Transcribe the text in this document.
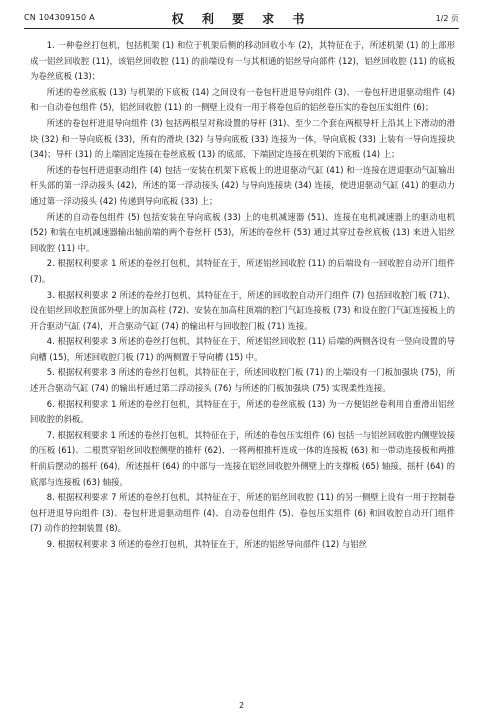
CN 104309150 A	权 利 要 求 书	1/2 页

1. 一种卷丝打包机，包括机架 (1) 和位于机架后侧的移动回收小车 (2)，其特征在于，所述机架 (1) 的上部形成一铝丝回收腔 (11)，该铝丝回收腔 (11) 的前端设有一与其相通的铝丝导向部件 (12)，铝丝回收腔 (11) 的底板为卷丝底板 (13)；

所述的卷丝底板 (13) 与机架的下底板 (14) 之间设有一卷包杆进退导向组件 (3)、一卷包杆进退驱动组件 (4) 和一自动卷包组件 (5)，铝丝回收腔 (11) 的一侧壁上设有一用于将卷包后的铝丝卷压实的卷包压实组件 (6)；

所述的卷包杆进退导向组件 (3) 包括两根呈对称设置的导杆 (31)、至少二个套在两根导杆上沿其上下滑动的滑块 (32) 和一导向底板 (33)，所有的滑块 (32) 与导向底板 (33) 连接为一体，导向底板 (33) 上装有一导向连接块 (34)；导杆 (31) 的上端固定连接在卷丝底板 (13) 的底部，下端固定连接在机架的下底板 (14) 上；

所述的卷包杆进退驱动组件 (4) 包括一安装在机架下底板上的进退驱动气缸 (41) 和一连接在进退驱动气缸输出杆头部的第一浮动接头 (42)，所述的第一浮动接头 (42) 与导向连接块 (34) 连接，使进退驱动气缸 (41) 的驱动力通过第一浮动接头 (42) 传递到导向底板 (33) 上；

所述的自动卷包组件 (5) 包括安装在导向底板 (33) 上的电机减速器 (51)、连接在电机减速器上的驱动电机 (52) 和装在电机减速器输出轴前端的两个卷丝杆 (53)，所述的卷丝杆 (53) 通过其穿过卷丝底板 (13) 来进入铝丝回收腔 (11) 中。

2. 根据权利要求 1 所述的卷丝打包机，其特征在于，所述铝丝回收腔 (11) 的后端设有一回收腔自动开门组件 (7)。

3. 根据权利要求 2 所述的卷丝打包机，其特征在于，所述的回收腔自动开门组件 (7) 包括回收腔门板 (71)、设在铝丝回收腔顶部外壁上的加高柱 (72)、安装在加高柱顶端的腔门气缸连接板 (73) 和设在腔门气缸连接板上的开合驱动气缸 (74)，开合驱动气缸 (74) 的输出杆与回收腔门板 (71) 连接。

4. 根据权利要求 3 所述的卷丝打包机，其特征在于，所述铝丝回收腔 (11) 后端的两侧各设有一竖向设置的导向槽 (15)，所述回收腔门板 (71) 的两侧置于导向槽 (15) 中。

5. 根据权利要求 3 所述的卷丝打包机，其特征在于，所述回收腔门板 (71) 的上端设有一门板加强块 (75)，所述开合驱动气缸 (74) 的输出杆通过第二浮动接头 (76) 与所述的门板加强块 (75) 实现柔性连接。

6. 根据权利要求 1 所述的卷丝打包机，其特征在于，所述的卷丝底板 (13) 为一方便铝丝卷利用自重滑出铝丝回收腔的斜板。

7. 根据权利要求 1 所述的卷丝打包机，其特征在于，所述的卷包压实组件 (6) 包括一与铝丝回收腔内侧壁铰接的压板 (61)、二根贯穿铝丝回收腔侧壁的推杆 (62)、一将两根推杆连成一体的连接板 (63) 和一带动连接板和两推杆前后摆动的摇杆 (64)，所述摇杆 (64) 的中部与一连接在铝丝回收腔外侧壁上的支撑板 (65) 轴接，摇杆 (64) 的底部与连接板 (63) 轴接。

8. 根据权利要求 7 所述的卷丝打包机，其特征在于，所述的铝丝回收腔 (11) 的另一侧壁上设有一用于控制卷包杆进退导向组件 (3)、卷包杆进退驱动组件 (4)、自动卷包组件 (5)、卷包压实组件 (6) 和回收腔自动开门组件 (7) 动作的控制装置 (8)。

9. 根据权利要求 3 所述的卷丝打包机，其特征在于，所述的铝丝导向部件 (12) 与铝丝

2
